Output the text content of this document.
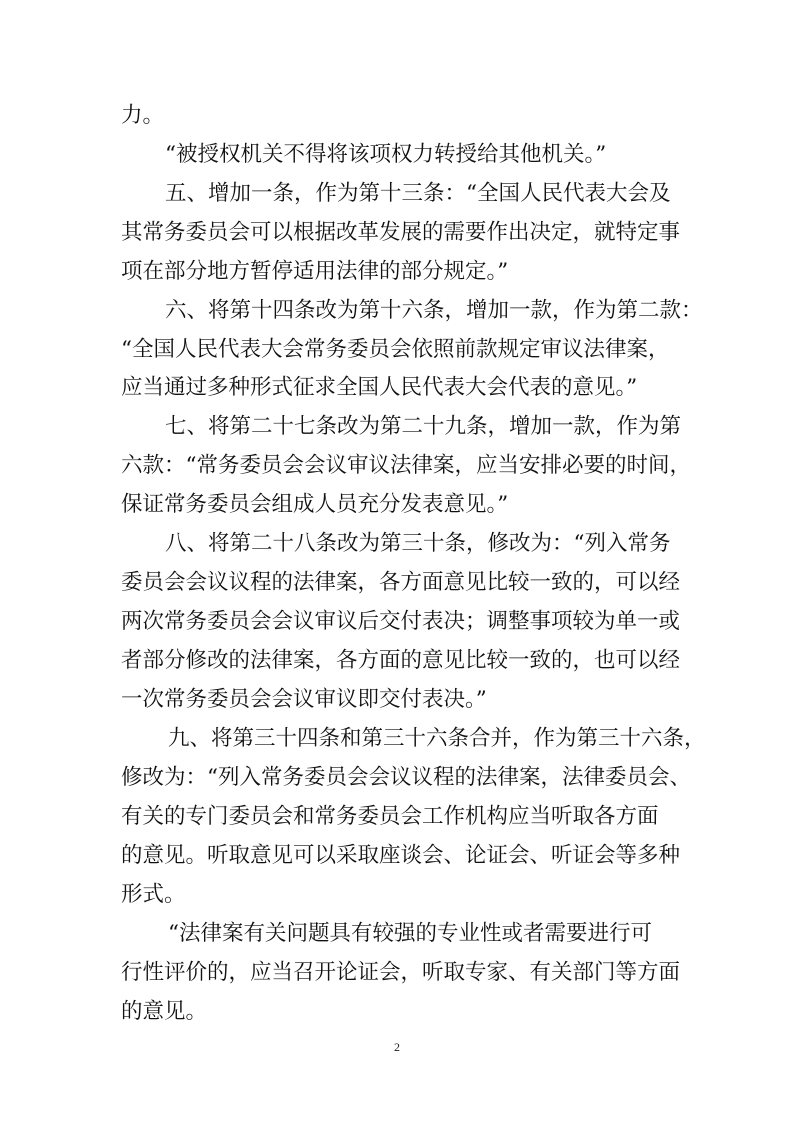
力。
“被授权机关不得将该项权力转授给其他机关。”
五、增加一条，作为第十三条：“全国人民代表大会及
其常务委员会可以根据改革发展的需要作出决定，就特定事
项在部分地方暂停适用法律的部分规定。”
六、将第十四条改为第十六条，增加一款，作为第二款：
“全国人民代表大会常务委员会依照前款规定审议法律案，
应当通过多种形式征求全国人民代表大会代表的意见。”
七、将第二十七条改为第二十九条，增加一款，作为第
六款：“常务委员会会议审议法律案，应当安排必要的时间，
保证常务委员会组成人员充分发表意见。”
八、将第二十八条改为第三十条，修改为：“列入常务
委员会会议议程的法律案，各方面意见比较一致的，可以经
两次常务委员会会议审议后交付表决；调整事项较为单一或
者部分修改的法律案，各方面的意见比较一致的，也可以经
一次常务委员会会议审议即交付表决。”
九、将第三十四条和第三十六条合并，作为第三十六条，
修改为：“列入常务委员会会议议程的法律案，法律委员会、
有关的专门委员会和常务委员会工作机构应当听取各方面
的意见。听取意见可以采取座谈会、论证会、听证会等多种
形式。
“法律案有关问题具有较强的专业性或者需要进行可
行性评价的，应当召开论证会，听取专家、有关部门等方面
的意见。
2
